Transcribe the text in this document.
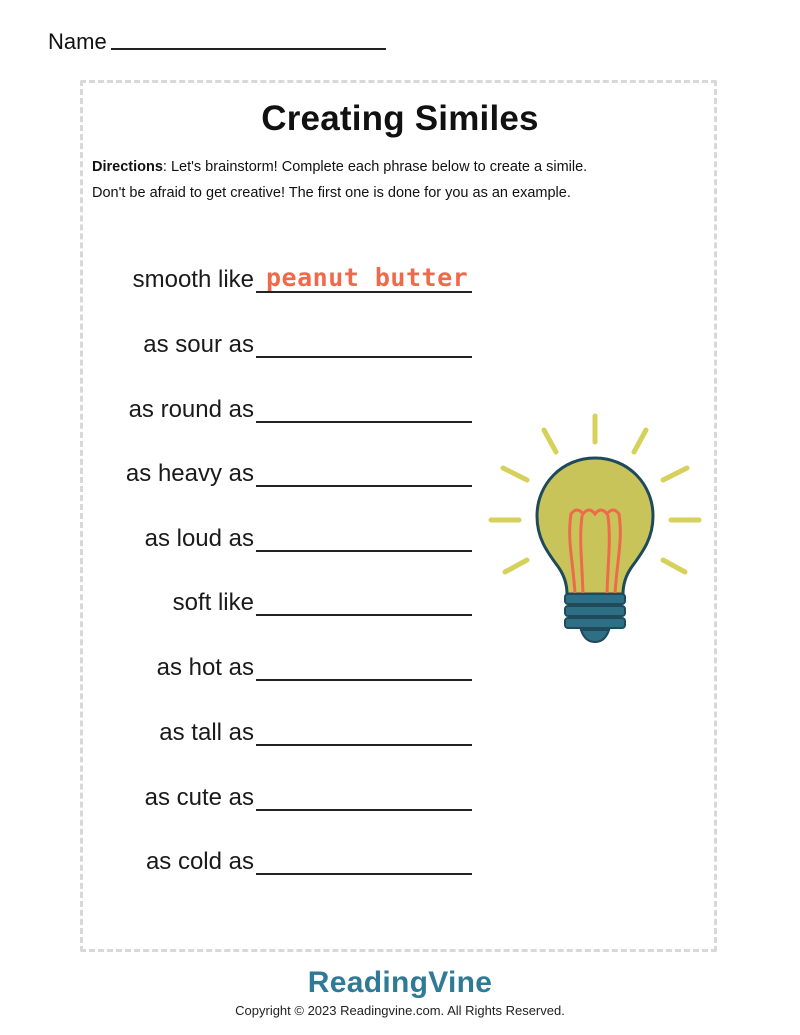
Name
Creating Similes
Directions: Let's brainstorm! Complete each phrase below to create a simile.
Don't be afraid to get creative! The first one is done for you as an example.
smooth like peanut butter
as sour as
as round as
as heavy as
as loud as
soft like
as hot as
as tall as
as cute as
as cold as
ReadingVine
Copyright © 2023 Readingvine.com. All Rights Reserved.
